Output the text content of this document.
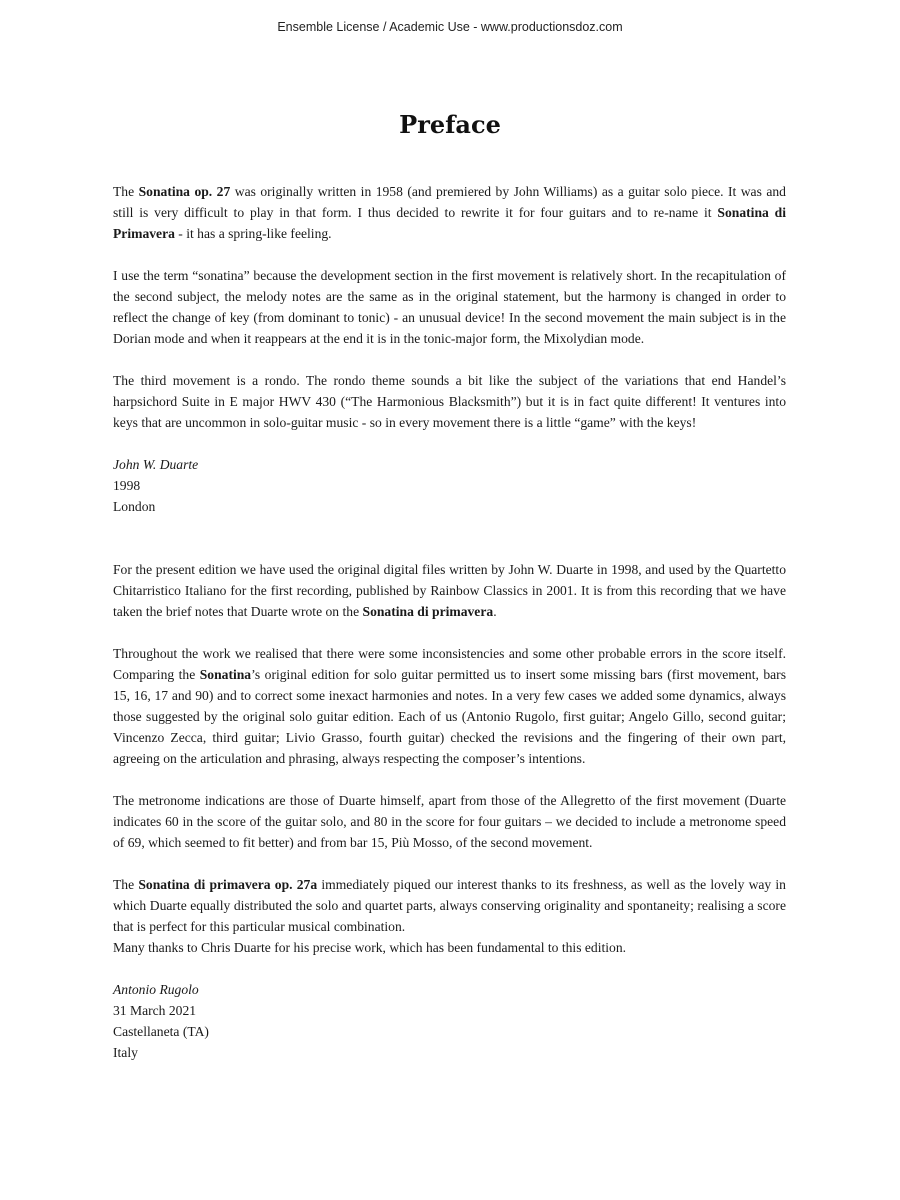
Ensemble License / Academic Use - www.productionsdoz.com
Preface

The Sonatina op. 27 was originally written in 1958 (and premiered by John Williams) as a guitar solo piece. It was and still is very difficult to play in that form. I thus decided to rewrite it for four guitars and to re-name it Sonatina di Primavera - it has a spring-like feeling.

I use the term “sonatina” because the development section in the first movement is relatively short. In the recapitulation of the second subject, the melody notes are the same as in the original statement, but the harmony is changed in order to reflect the change of key (from dominant to tonic) - an unusual device! In the second movement the main subject is in the Dorian mode and when it reappears at the end it is in the tonic-major form, the Mixolydian mode.

The third movement is a rondo. The rondo theme sounds a bit like the subject of the variations that end Handel’s harpsichord Suite in E major HWV 430 (“The Harmonious Blacksmith”) but it is in fact quite different! It ventures into keys that are uncommon in solo-guitar music - so in every movement there is a little “game” with the keys!

John W. Duarte
1998
London

For the present edition we have used the original digital files written by John W. Duarte in 1998, and used by the Quartetto Chitarristico Italiano for the first recording, published by Rainbow Classics in 2001. It is from this recording that we have taken the brief notes that Duarte wrote on the Sonatina di primavera.

Throughout the work we realised that there were some inconsistencies and some other probable errors in the score itself. Comparing the Sonatina’s original edition for solo guitar permitted us to insert some missing bars (first movement, bars 15, 16, 17 and 90) and to correct some inexact harmonies and notes. In a very few cases we added some dynamics, always those suggested by the original solo guitar edition. Each of us (Antonio Rugolo, first guitar; Angelo Gillo, second guitar; Vincenzo Zecca, third guitar; Livio Grasso, fourth guitar) checked the revisions and the fingering of their own part, agreeing on the articulation and phrasing, always respecting the composer’s intentions.

The metronome indications are those of Duarte himself, apart from those of the Allegretto of the first movement (Duarte indicates 60 in the score of the guitar solo, and 80 in the score for four guitars – we decided to include a metronome speed of 69, which seemed to fit better) and from bar 15, Più Mosso, of the second movement.

The Sonatina di primavera op. 27a immediately piqued our interest thanks to its freshness, as well as the lovely way in which Duarte equally distributed the solo and quartet parts, always conserving originality and spontaneity; realising a score that is perfect for this particular musical combination.

Many thanks to Chris Duarte for his precise work, which has been fundamental to this edition.

Antonio Rugolo
31 March 2021
Castellaneta (TA)
Italy
